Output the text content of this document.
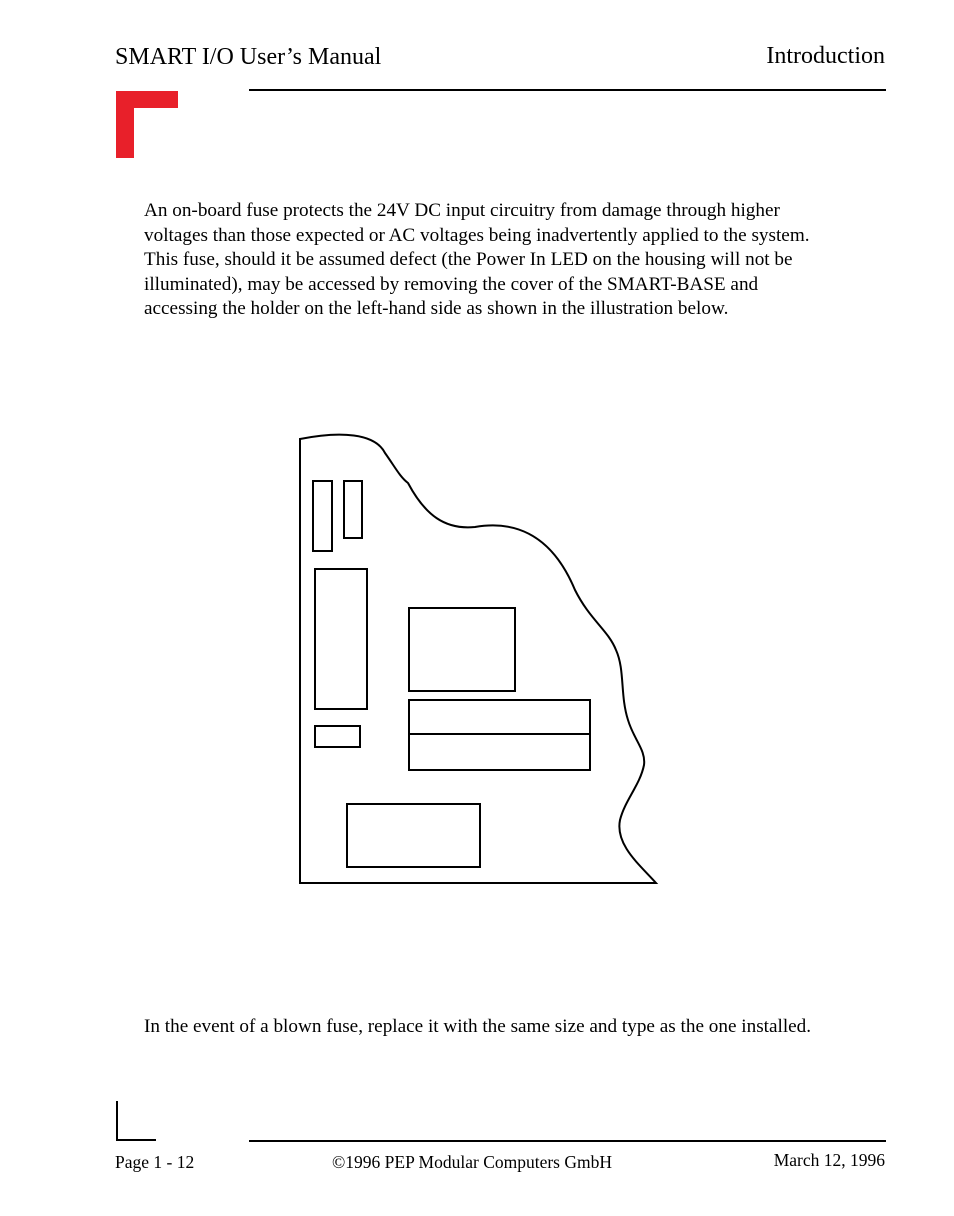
SMART I/O User’s Manual	Introduction

An on-board fuse protects the 24V DC input circuitry from damage through higher voltages than those expected or AC voltages being inadvertently applied to the system. This fuse, should it be assumed defect (the Power In LED on the housing will not be illuminated), may be accessed by removing the cover of the SMART-BASE and accessing the holder on the left-hand side as shown in the illustration below.

In the event of a blown fuse, replace it with the same size and type as the one installed.

Page 1 - 12	©1996 PEP Modular Computers GmbH	March 12, 1996
